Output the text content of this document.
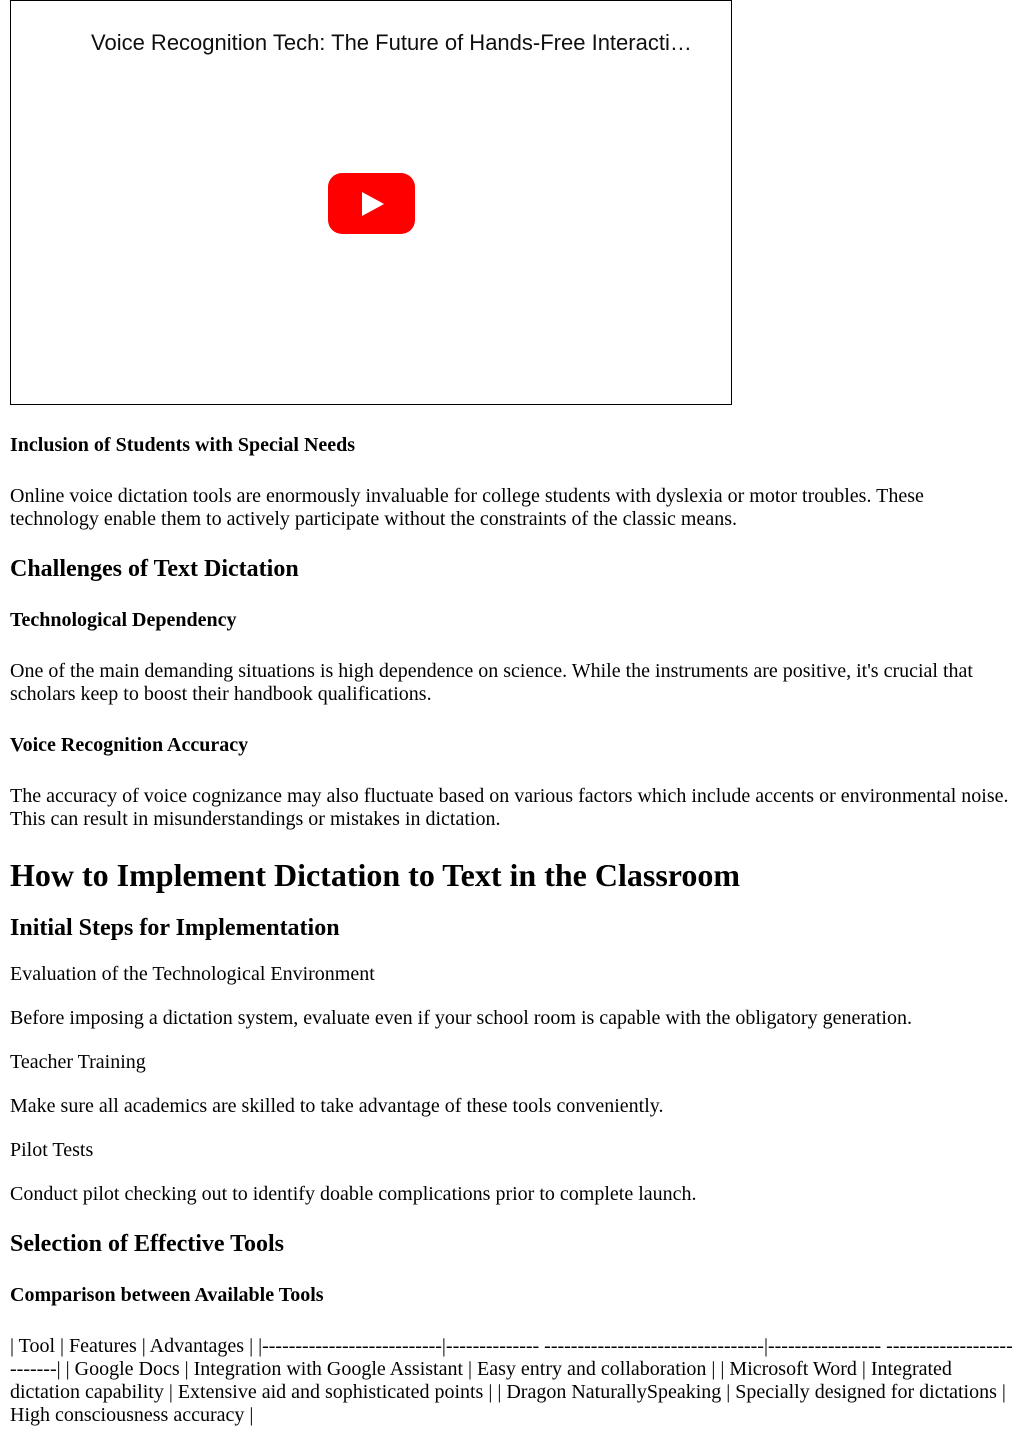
Voice Recognition Tech: The Future of Hands-Free Interacti…
Inclusion of Students with Special Needs

Online voice dictation tools are enormously invaluable for college students with dyslexia or motor troubles. These technology enable them to actively participate without the constraints of the classic means.

Challenges of Text Dictation
Technological Dependency

One of the main demanding situations is high dependence on science. While the instruments are positive, it's crucial that scholars keep to boost their handbook qualifications.

Voice Recognition Accuracy

The accuracy of voice cognizance may also fluctuate based on various factors which include accents or environmental noise. This can result in misunderstandings or mistakes in dictation.

How to Implement Dictation to Text in the Classroom
Initial Steps for Implementation

Evaluation of the Technological Environment

Before imposing a dictation system, evaluate even if your school room is capable with the obligatory generation.

Teacher Training

Make sure all academics are skilled to take advantage of these tools conveniently.

Pilot Tests

Conduct pilot checking out to identify doable complications prior to complete launch.

Selection of Effective Tools
Comparison between Available Tools

| Tool | Features | Advantages | |---------------------------|-------------- ---------------------------------|----------------- --------------------------| | Google Docs | Integration with Google Assistant | Easy entry and collaboration | | Microsoft Word | Integrated dictation capability | Extensive aid and sophisticated points | | Dragon NaturallySpeaking | Specially designed for dictations | High consciousness accuracy |
